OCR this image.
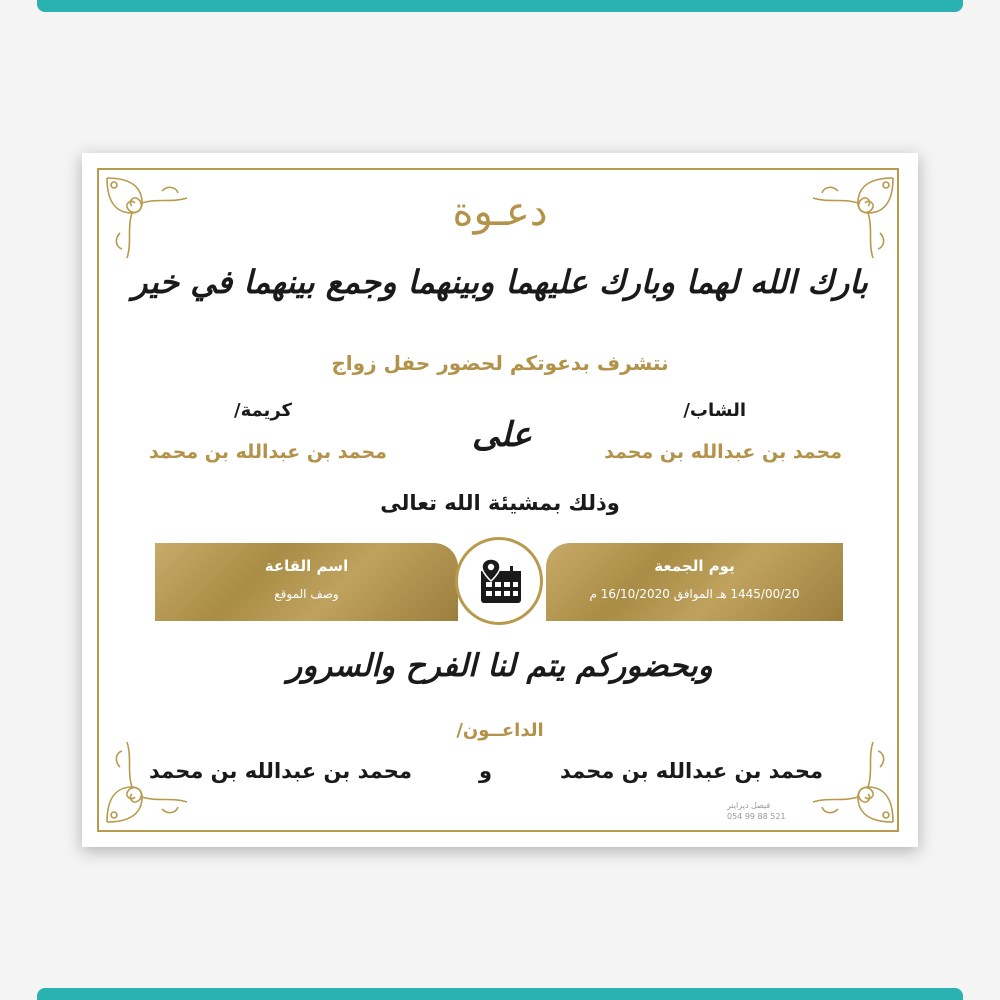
دعـوة
بارك الله لهما وبارك عليهما وبينهما وجمع بينهما في خير
نتشرف بدعوتكم لحضور حفل زواج
الشاب/
كريمة/
محمد بن عبدالله بن محمد
محمد بن عبدالله بن محمد	على
وذلك بمشيئة الله تعالى
يوم الجمعة
1445/00/20 هـ الموافق 16/10/2020 م
اسم القاعة
وصف الموقع
وبحضوركم يتم لنا الفرح والسرور
الداعــون/
محمد بن عبدالله بن محمد
و
محمد بن عبدالله بن محمد
فيصل ديزاينر
054 99 88 521
